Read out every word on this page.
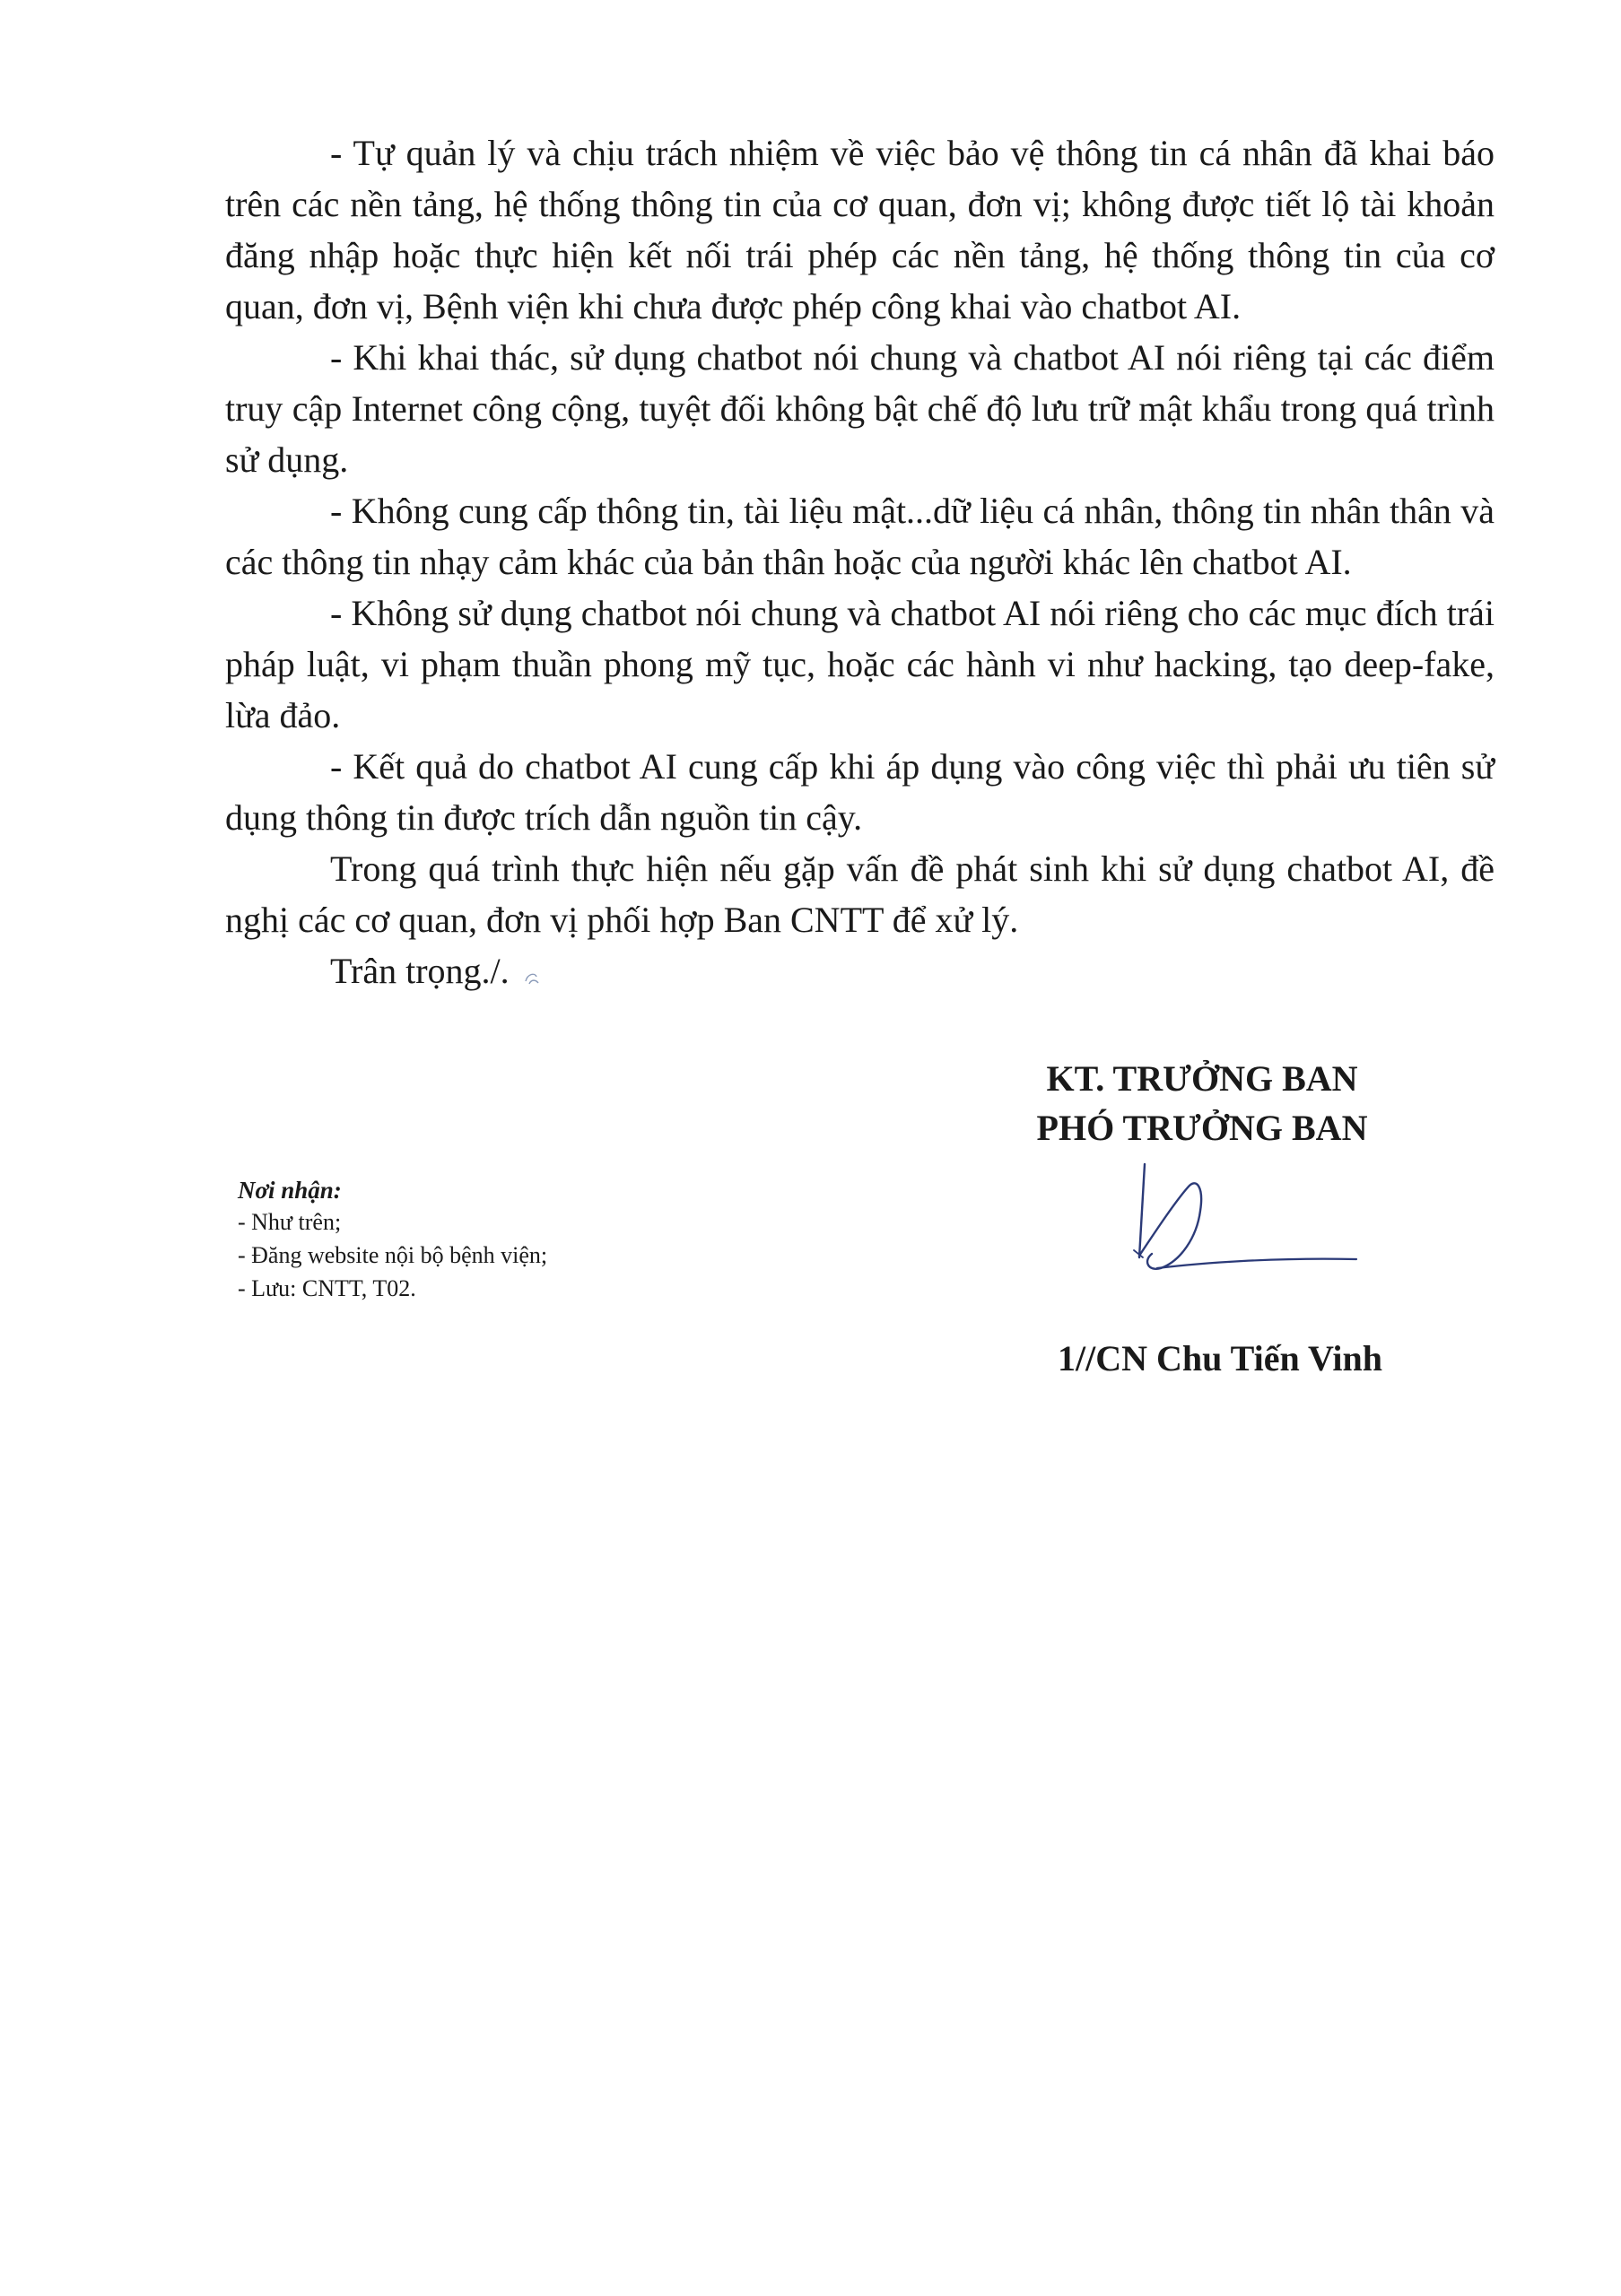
- Tự quản lý và chịu trách nhiệm về việc bảo vệ thông tin cá nhân đã khai báo trên các nền tảng, hệ thống thông tin của cơ quan, đơn vị; không được tiết lộ tài khoản đăng nhập hoặc thực hiện kết nối trái phép các nền tảng, hệ thống thông tin của cơ quan, đơn vị, Bệnh viện khi chưa được phép công khai vào chatbot AI.

- Khi khai thác, sử dụng chatbot nói chung và chatbot AI nói riêng tại các điểm truy cập Internet công cộng, tuyệt đối không bật chế độ lưu trữ mật khẩu trong quá trình sử dụng.

- Không cung cấp thông tin, tài liệu mật...dữ liệu cá nhân, thông tin nhân thân và các thông tin nhạy cảm khác của bản thân hoặc của người khác lên chatbot AI.

- Không sử dụng chatbot nói chung và chatbot AI nói riêng cho các mục đích trái pháp luật, vi phạm thuần phong mỹ tục, hoặc các hành vi như hacking, tạo deep-fake, lừa đảo.

- Kết quả do chatbot AI cung cấp khi áp dụng vào công việc thì phải ưu tiên sử dụng thông tin được trích dẫn nguồn tin cậy.

Trong quá trình thực hiện nếu gặp vấn đề phát sinh khi sử dụng chatbot AI, đề nghị các cơ quan, đơn vị phối hợp Ban CNTT để xử lý.

Trân trọng./.

KT. TRƯỞNG BAN
PHÓ TRƯỞNG BAN
1//CN Chu Tiến Vinh
Nơi nhận:
- Như trên;
- Đăng website nội bộ bệnh viện;
- Lưu: CNTT, T02.
